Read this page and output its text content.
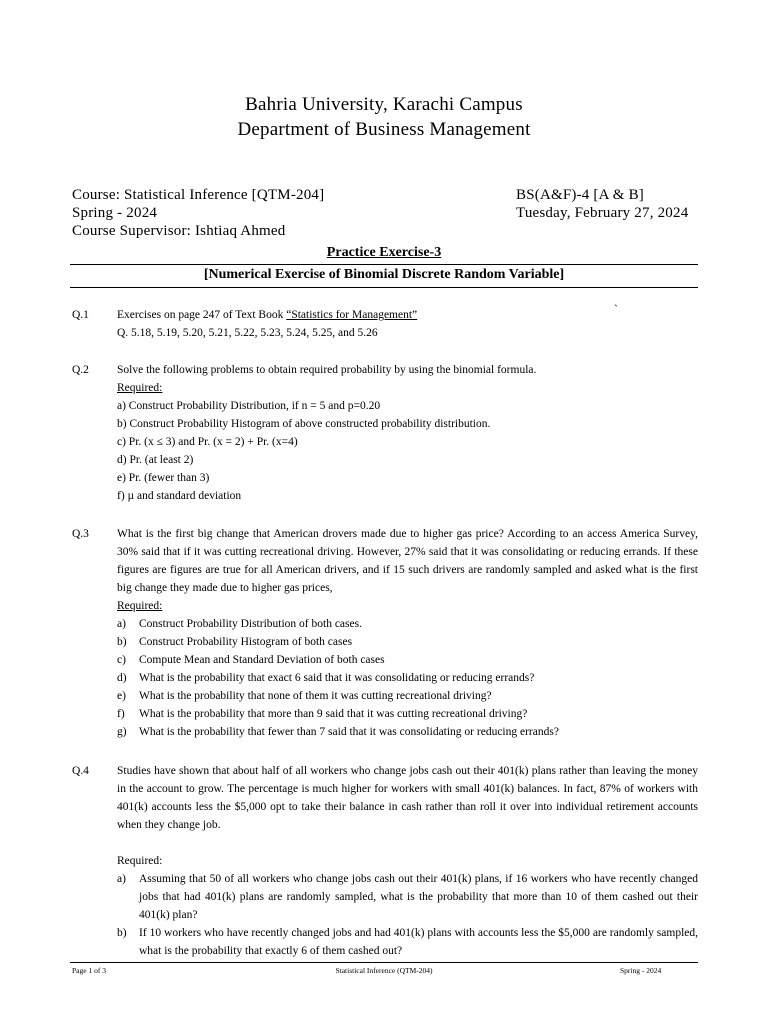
Bahria University, Karachi Campus
Department of Business Management
Course: Statistical Inference [QTM-204]
Spring - 2024
Course Supervisor: Ishtiaq Ahmed
BS(A&F)-4 [A & B]
Tuesday, February 27, 2024
Practice Exercise-3
[Numerical Exercise of Binomial Discrete Random Variable]
`
Q.1	Exercises on page 247 of Text Book “Statistics for Management”

Q. 5.18, 5.19, 5.20, 5.21, 5.22, 5.23, 5.24, 5.25, and 5.26

Q.2	Solve the following problems to obtain required probability by using the binomial formula.

Required:

a) Construct Probability Distribution, if n = 5 and p=0.20

b) Construct Probability Histogram of above constructed probability distribution.

c) Pr. (x ≤ 3) and Pr. (x = 2) + Pr. (x=4)

d) Pr. (at least 2)

e) Pr. (fewer than 3)

f) µ and standard deviation

Q.3	What is the first big change that American drovers made due to higher gas price? According to an access America Survey, 30% said that if it was cutting recreational driving. However, 27% said that it was consolidating or reducing errands. If these figures are figures are true for all American drivers, and if 15 such drivers are randomly sampled and asked what is the first big change they made due to higher gas prices,

Required:

a)	Construct Probability Distribution of both cases.
b)	Construct Probability Histogram of both cases
c)	Compute Mean and Standard Deviation of both cases
d)	What is the probability that exact 6 said that it was consolidating or reducing errands?
e)	What is the probability that none of them it was cutting recreational driving?
f)	What is the probability that more than 9 said that it was cutting recreational driving?
g)	What is the probability that fewer than 7 said that it was consolidating or reducing errands?
Q.4	Studies have shown that about half of all workers who change jobs cash out their 401(k) plans rather than leaving the money in the account to grow. The percentage is much higher for workers with small 401(k) balances. In fact, 87% of workers with 401(k) accounts less the $5,000 opt to take their balance in cash rather than roll it over into individual retirement accounts when they change job.

Required:

a)	Assuming that 50 of all workers who change jobs cash out their 401(k) plans, if 16 workers who have recently changed jobs that had 401(k) plans are randomly sampled, what is the probability that more than 10 of them cashed out their 401(k) plan?
b)	If 10 workers who have recently changed jobs and had 401(k) plans with accounts less the $5,000 are randomly sampled, what is the probability that exactly 6 of them cashed out?
Page 1 of 3	Statistical Inference (QTM-204)	Spring - 2024
